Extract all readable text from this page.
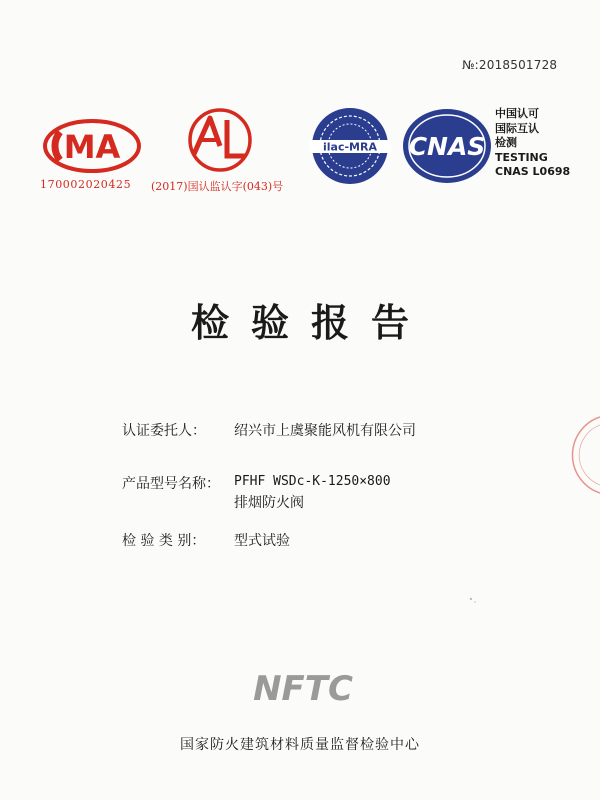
№:2018501728
MA
170002020425 (2017)国认监认字(043)号
ilac-MRA CNAS
中国认可
国际互认
检测
TESTING
CNAS L0698
检验报告
认证委托人： 绍兴市上虞聚能风机有限公司
产品型号名称： PFHF WSDc-K-1250×800
排烟防火阀
检 验 类 别： 型式试验
NFTC
国家防火建筑材料质量监督检验中心
